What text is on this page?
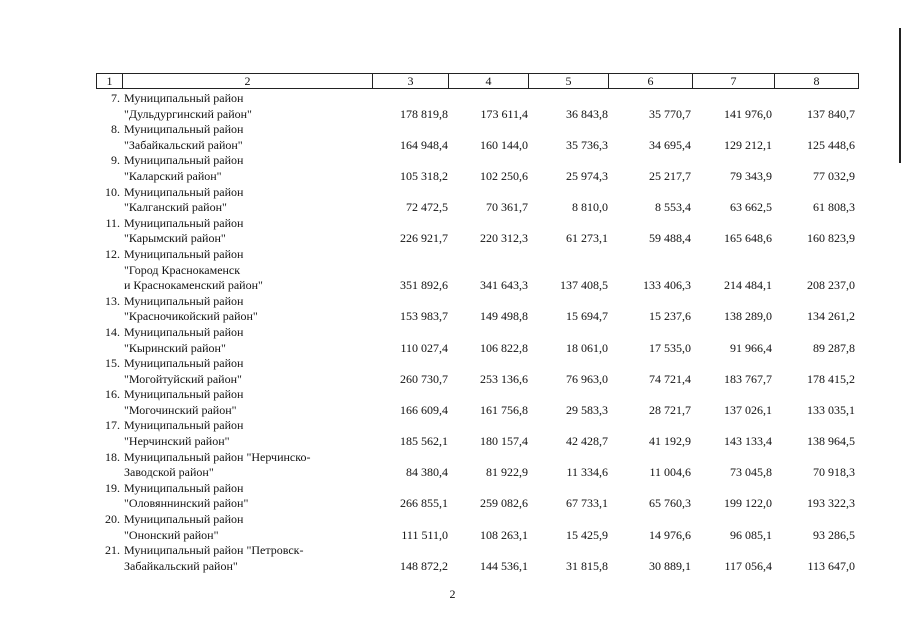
1	2	3	4	5	6	7	8
7. Муниципальный район
"Дульдургинский район"	178 819,8	173 611,4	36 843,8	35 770,7	141 976,0	137 840,7
8. Муниципальный район
"Забайкальский район"	164 948,4	160 144,0	35 736,3	34 695,4	129 212,1	125 448,6
9. Муниципальный район
"Каларский район"	105 318,2	102 250,6	25 974,3	25 217,7	79 343,9	77 032,9
10. Муниципальный район
"Калганский район"	72 472,5	70 361,7	8 810,0	8 553,4	63 662,5	61 808,3
11. Муниципальный район
"Карымский район"	226 921,7	220 312,3	61 273,1	59 488,4	165 648,6	160 823,9
12. Муниципальный район
"Город Краснокаменск
и Краснокаменский район"	351 892,6	341 643,3	137 408,5	133 406,3	214 484,1	208 237,0
13. Муниципальный район
"Красночикойский район"	153 983,7	149 498,8	15 694,7	15 237,6	138 289,0	134 261,2
14. Муниципальный район
"Кыринский район"	110 027,4	106 822,8	18 061,0	17 535,0	91 966,4	89 287,8
15. Муниципальный район
"Могойтуйский район"	260 730,7	253 136,6	76 963,0	74 721,4	183 767,7	178 415,2
16. Муниципальный район
"Могочинский район"	166 609,4	161 756,8	29 583,3	28 721,7	137 026,1	133 035,1
17. Муниципальный район
"Нерчинский район"	185 562,1	180 157,4	42 428,7	41 192,9	143 133,4	138 964,5
18. Муниципальный район "Нерчинско-
Заводской район"	84 380,4	81 922,9	11 334,6	11 004,6	73 045,8	70 918,3
19. Муниципальный район
"Оловяннинский район"	266 855,1	259 082,6	67 733,1	65 760,3	199 122,0	193 322,3
20. Муниципальный район
"Ононский район"	111 511,0	108 263,1	15 425,9	14 976,6	96 085,1	93 286,5
21. Муниципальный район "Петровск-
Забайкальский район"	148 872,2	144 536,1	31 815,8	30 889,1	117 056,4	113 647,0
2
